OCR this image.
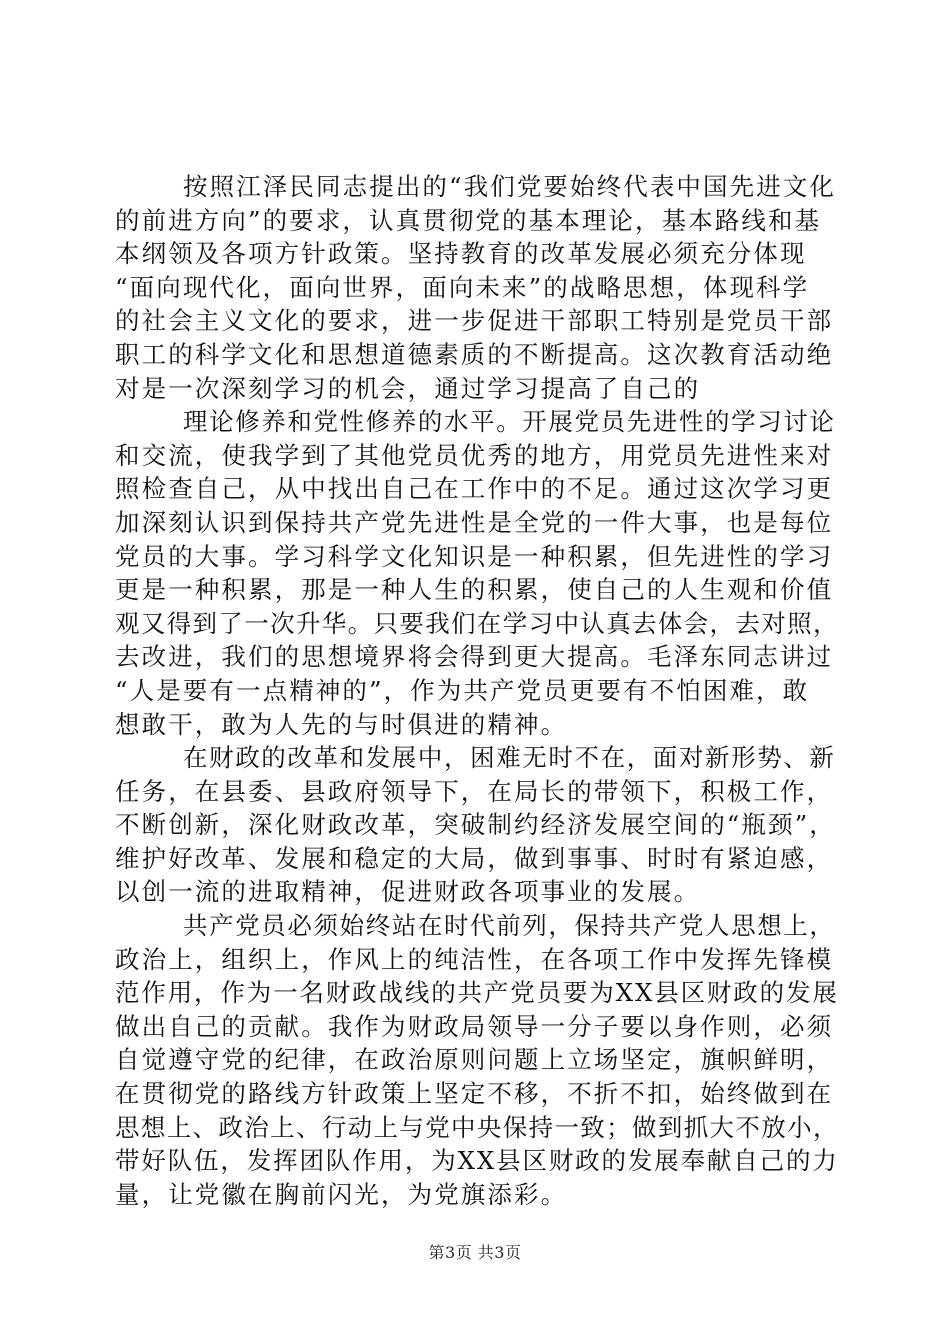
按照江泽民同志提出的“我们党要始终代表中国先进文化
的前进方向”的要求，认真贯彻党的基本理论，基本路线和基
本纲领及各项方针政策。坚持教育的改革发展必须充分体现
“面向现代化，面向世界，面向未来”的战略思想，体现科学
的社会主义文化的要求，进一步促进干部职工特别是党员干部
职工的科学文化和思想道德素质的不断提高。这次教育活动绝
对是一次深刻学习的机会，通过学习提高了自己的
理论修养和党性修养的水平。开展党员先进性的学习讨论
和交流，使我学到了其他党员优秀的地方，用党员先进性来对
照检查自己，从中找出自己在工作中的不足。通过这次学习更
加深刻认识到保持共产党先进性是全党的一件大事，也是每位
党员的大事。学习科学文化知识是一种积累，但先进性的学习
更是一种积累，那是一种人生的积累，使自己的人生观和价值
观又得到了一次升华。只要我们在学习中认真去体会，去对照，
去改进，我们的思想境界将会得到更大提高。毛泽东同志讲过
“人是要有一点精神的”，作为共产党员更要有不怕困难，敢
想敢干，敢为人先的与时俱进的精神。
在财政的改革和发展中，困难无时不在，面对新形势、新
任务，在县委、县政府领导下，在局长的带领下，积极工作，
不断创新，深化财政改革，突破制约经济发展空间的“瓶颈”，
维护好改革、发展和稳定的大局，做到事事、时时有紧迫感，
以创一流的进取精神，促进财政各项事业的发展。
共产党员必须始终站在时代前列，保持共产党人思想上，
政治上，组织上，作风上的纯洁性，在各项工作中发挥先锋模
范作用，作为一名财政战线的共产党员要为XX县区财政的发展
做出自己的贡献。我作为财政局领导一分子要以身作则，必须
自觉遵守党的纪律，在政治原则问题上立场坚定，旗帜鲜明，
在贯彻党的路线方针政策上坚定不移，不折不扣，始终做到在
思想上、政治上、行动上与党中央保持一致；做到抓大不放小，
带好队伍，发挥团队作用，为XX县区财政的发展奉献自己的力
量，让党徽在胸前闪光，为党旗添彩。
第3页 共3页
